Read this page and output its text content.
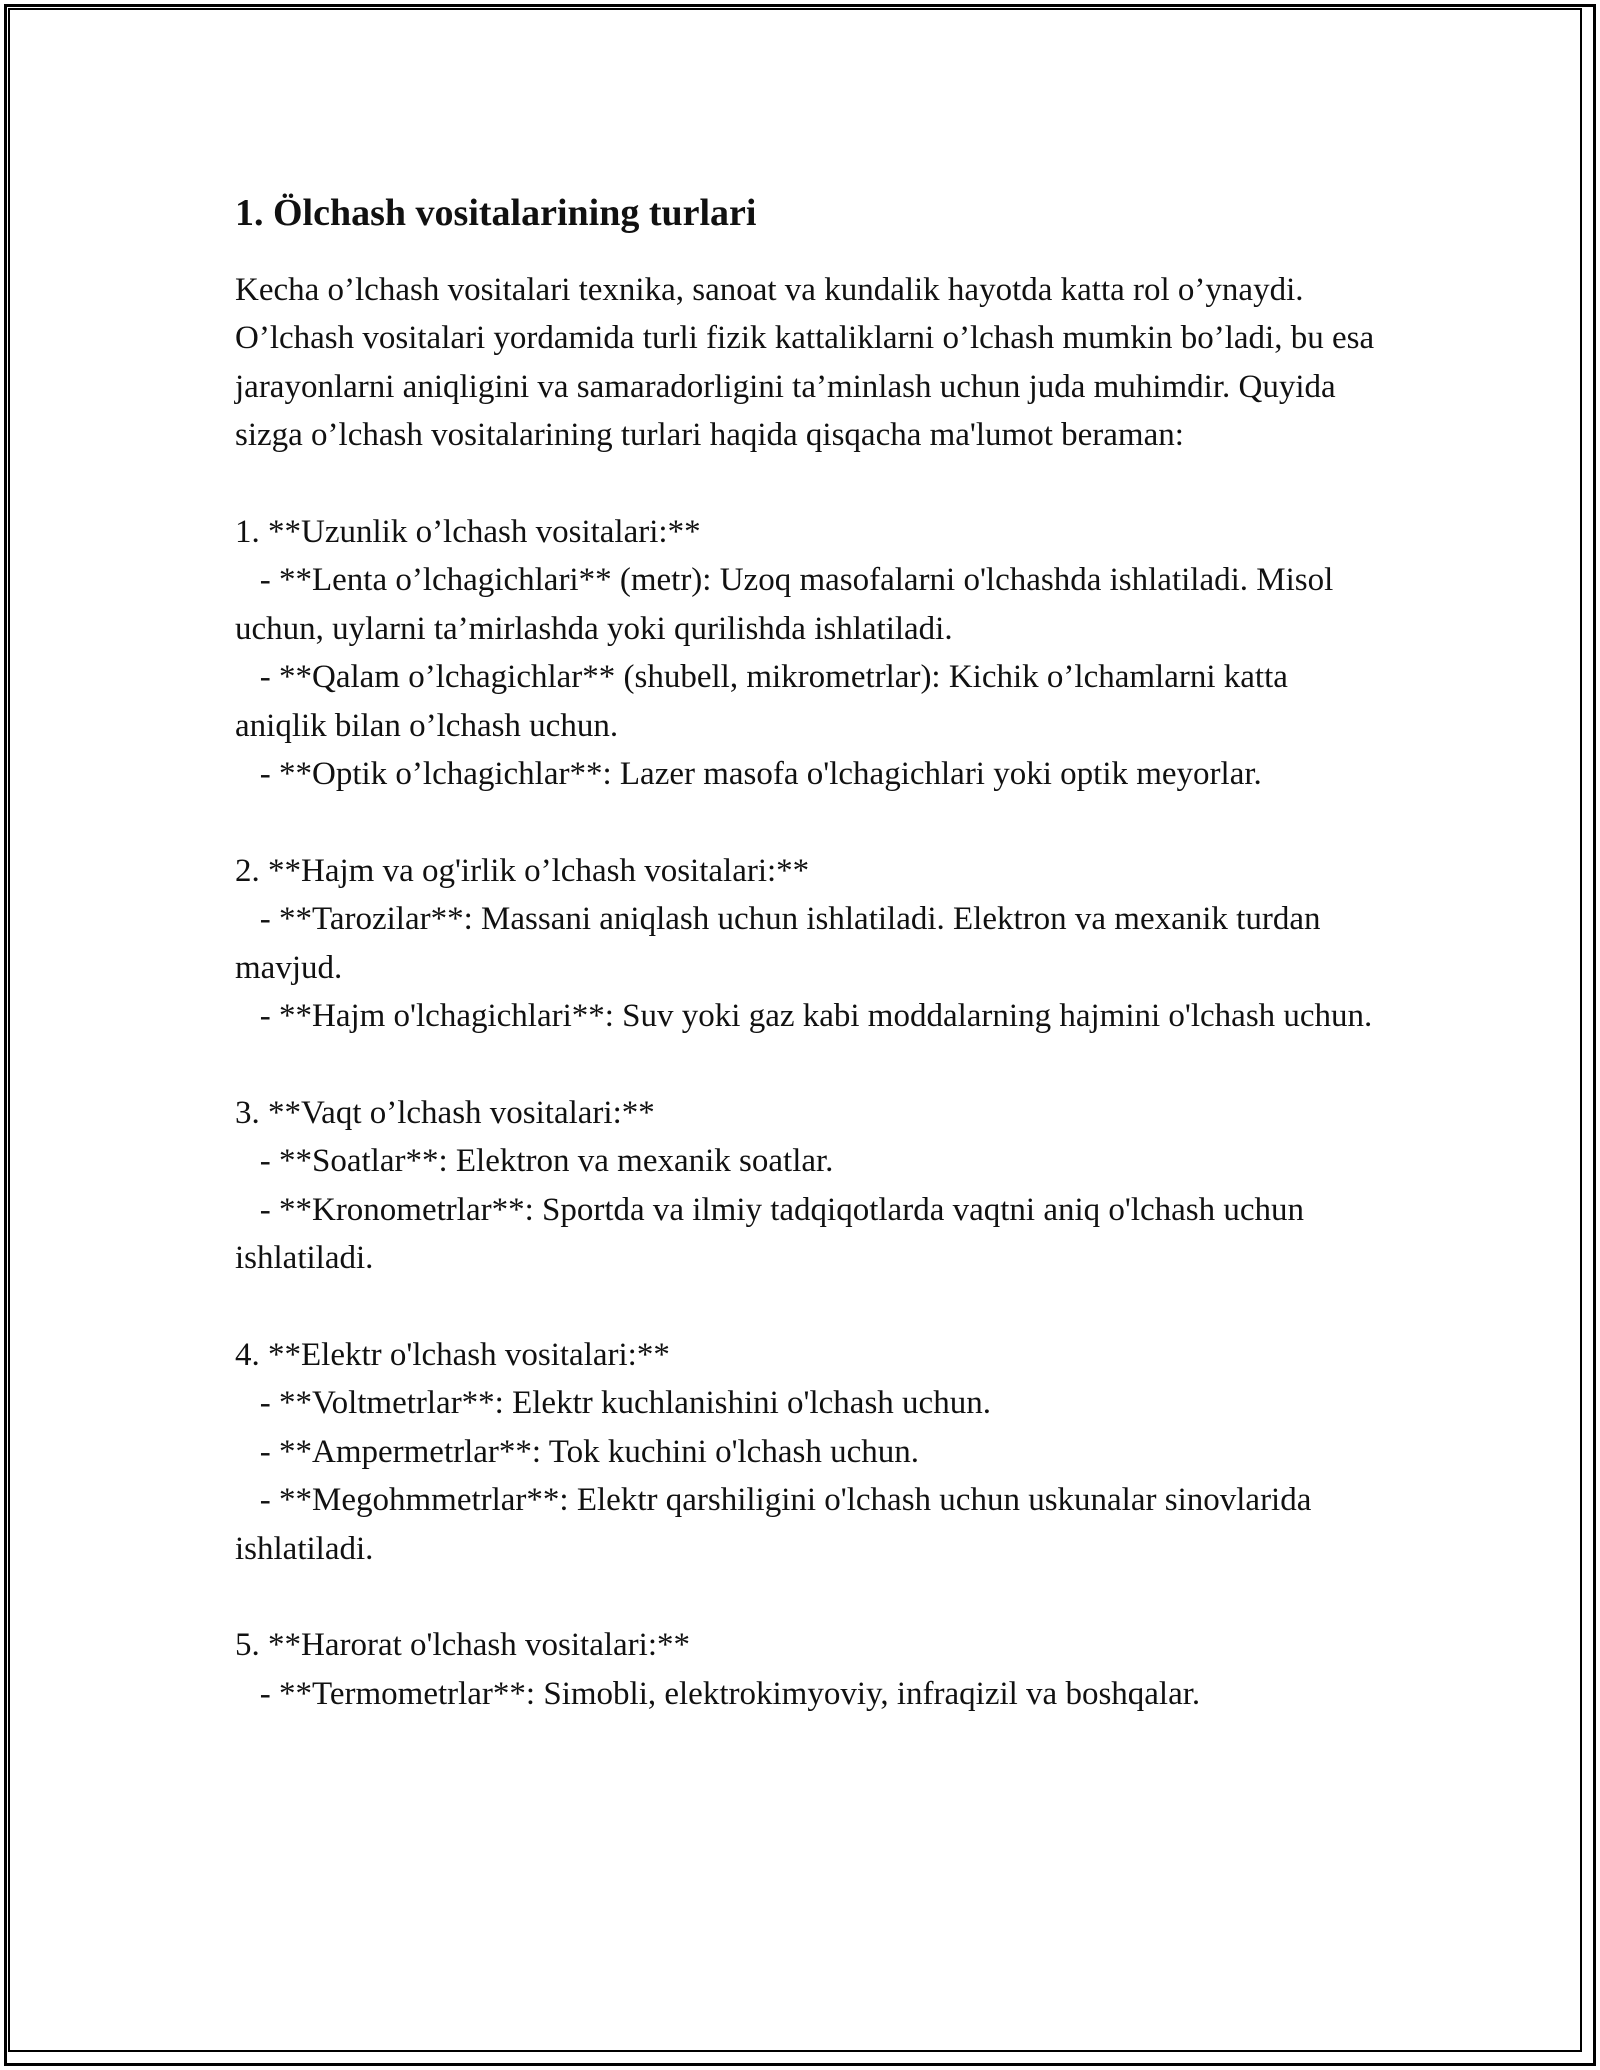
1. Ölchash vositalarining turlari

Kecha o’lchash vositalari texnika, sanoat va kundalik hayotda katta rol o’ynaydi. O’lchash vositalari yordamida turli fizik kattaliklarni o’lchash mumkin bo’ladi, bu esa jarayonlarni aniqligini va samaradorligini ta’minlash uchun juda muhimdir. Quyida sizga o’lchash vositalarining turlari haqida qisqacha ma'lumot beraman:

1. **Uzunlik o’lchash vositalari:**

- **Lenta o’lchagichlari** (metr): Uzoq masofalarni o'lchashda ishlatiladi. Misol uchun, uylarni ta’mirlashda yoki qurilishda ishlatiladi.

- **Qalam o’lchagichlar** (shubell, mikrometrlar): Kichik o’lchamlarni katta aniqlik bilan o’lchash uchun.

- **Optik o’lchagichlar**: Lazer masofa o'lchagichlari yoki optik meyorlar.

2. **Hajm va og'irlik o’lchash vositalari:**

- **Tarozilar**: Massani aniqlash uchun ishlatiladi. Elektron va mexanik turdan mavjud.

- **Hajm o'lchagichlari**: Suv yoki gaz kabi moddalarning hajmini o'lchash uchun.

3. **Vaqt o’lchash vositalari:**

- **Soatlar**: Elektron va mexanik soatlar.

- **Kronometrlar**: Sportda va ilmiy tadqiqotlarda vaqtni aniq o'lchash uchun ishlatiladi.

4. **Elektr o'lchash vositalari:**

- **Voltmetrlar**: Elektr kuchlanishini o'lchash uchun.

- **Ampermetrlar**: Tok kuchini o'lchash uchun.

- **Megohmmetrlar**: Elektr qarshiligini o'lchash uchun uskunalar sinovlarida ishlatiladi.

5. **Harorat o'lchash vositalari:**

- **Termometrlar**: Simobli, elektrokimyoviy, infraqizil va boshqalar.
